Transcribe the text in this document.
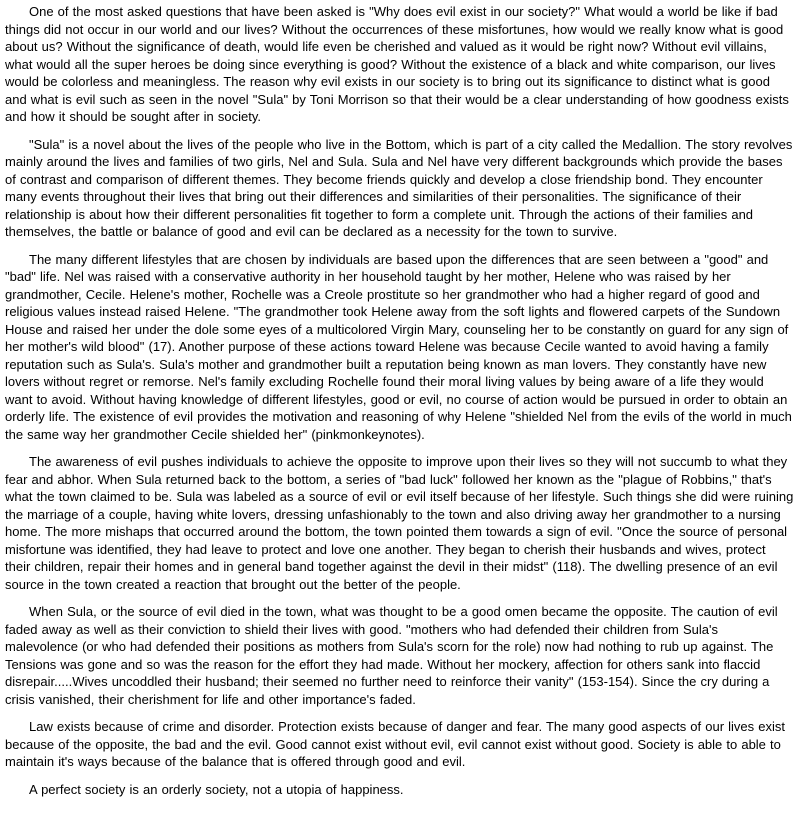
One of the most asked questions that have been asked is "Why does evil exist in our society?" What would a world be like if bad things did not occur in our world and our lives? Without the occurrences of these misfortunes, how would we really know what is good about us? Without the significance of death, would life even be cherished and valued as it would be right now? Without evil villains, what would all the super heroes be doing since everything is good? Without the existence of a black and white comparison, our lives would be colorless and meaningless. The reason why evil exists in our society is to bring out its significance to distinct what is good and what is evil such as seen in the novel "Sula" by Toni Morrison so that their would be a clear understanding of how goodness exists and how it should be sought after in society.

"Sula" is a novel about the lives of the people who live in the Bottom, which is part of a city called the Medallion. The story revolves mainly around the lives and families of two girls, Nel and Sula. Sula and Nel have very different backgrounds which provide the bases of contrast and comparison of different themes. They become friends quickly and develop a close friendship bond. They encounter many events throughout their lives that bring out their differences and similarities of their personalities. The significance of their relationship is about how their different personalities fit together to form a complete unit. Through the actions of their families and themselves, the battle or balance of good and evil can be declared as a necessity for the town to survive.

The many different lifestyles that are chosen by individuals are based upon the differences that are seen between a "good" and "bad" life. Nel was raised with a conservative authority in her household taught by her mother, Helene who was raised by her grandmother, Cecile. Helene's mother, Rochelle was a Creole prostitute so her grandmother who had a higher regard of good and religious values instead raised Helene. "The grandmother took Helene away from the soft lights and flowered carpets of the Sundown House and raised her under the dole some eyes of a multicolored Virgin Mary, counseling her to be constantly on guard for any sign of her mother's wild blood" (17). Another purpose of these actions toward Helene was because Cecile wanted to avoid having a family reputation such as Sula's. Sula's mother and grandmother built a reputation being known as man lovers. They constantly have new lovers without regret or remorse. Nel's family excluding Rochelle found their moral living values by being aware of a life they would want to avoid. Without having knowledge of different lifestyles, good or evil, no course of action would be pursued in order to obtain an orderly life. The existence of evil provides the motivation and reasoning of why Helene "shielded Nel from the evils of the world in much the same way her grandmother Cecile shielded her" (pinkmonkeynotes).

The awareness of evil pushes individuals to achieve the opposite to improve upon their lives so they will not succumb to what they fear and abhor. When Sula returned back to the bottom, a series of "bad luck" followed her known as the "plague of Robbins," that's what the town claimed to be. Sula was labeled as a source of evil or evil itself because of her lifestyle. Such things she did were ruining the marriage of a couple, having white lovers, dressing unfashionably to the town and also driving away her grandmother to a nursing home. The more mishaps that occurred around the bottom, the town pointed them towards a sign of evil. "Once the source of personal misfortune was identified, they had leave to protect and love one another. They began to cherish their husbands and wives, protect their children, repair their homes and in general band together against the devil in their midst" (118). The dwelling presence of an evil source in the town created a reaction that brought out the better of the people.

When Sula, or the source of evil died in the town, what was thought to be a good omen became the opposite. The caution of evil faded away as well as their conviction to shield their lives with good. "mothers who had defended their children from Sula's malevolence (or who had defended their positions as mothers from Sula's scorn for the role) now had nothing to rub up against. The Tensions was gone and so was the reason for the effort they had made. Without her mockery, affection for others sank into flaccid disrepair.....Wives uncoddled their husband; their seemed no further need to reinforce their vanity" (153-154). Since the cry during a crisis vanished, their cherishment for life and other importance's faded.

Law exists because of crime and disorder. Protection exists because of danger and fear. The many good aspects of our lives exist because of the opposite, the bad and the evil. Good cannot exist without evil, evil cannot exist without good. Society is able to able to maintain it's ways because of the balance that is offered through good and evil.

A perfect society is an orderly society, not a utopia of happiness.
